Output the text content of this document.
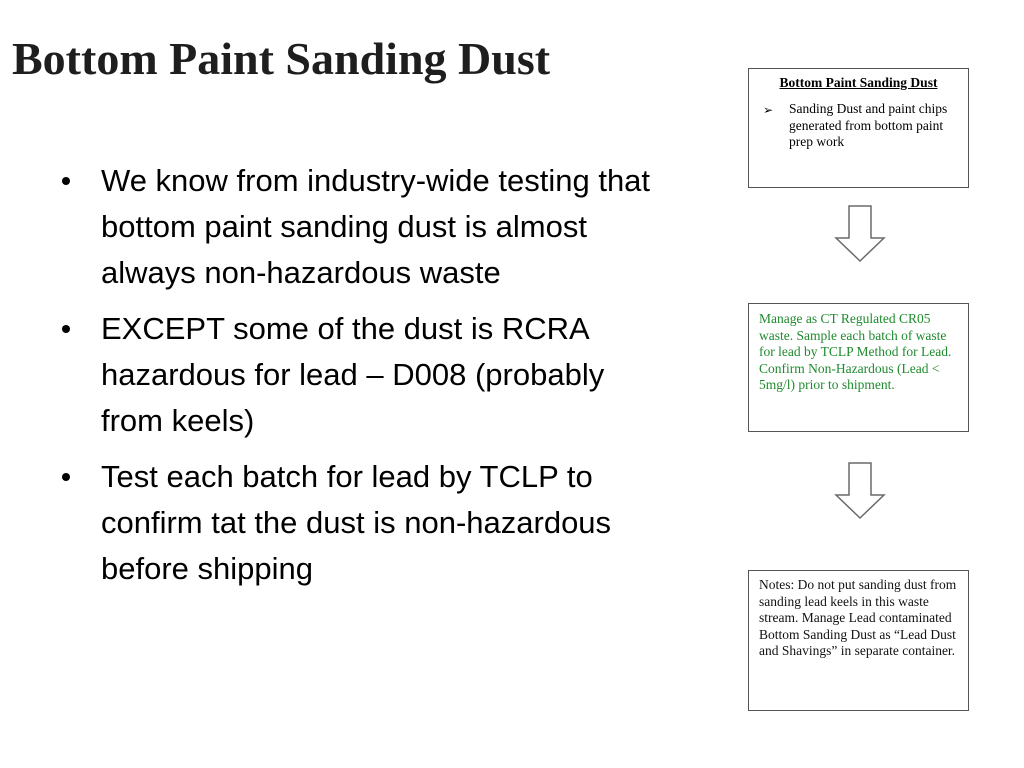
Bottom Paint Sanding Dust
We know from industry-wide testing that bottom paint sanding dust is almost always non-hazardous waste
EXCEPT some of the dust is RCRA hazardous for lead – D008 (probably from keels)
Test each batch for lead by TCLP to confirm tat the dust is non-hazardous before shipping
Bottom Paint Sanding Dust
➢ Sanding Dust and paint chips generated from bottom paint prep work
Manage as CT Regulated CR05 waste. Sample each batch of waste for lead by TCLP Method for Lead. Confirm Non-Hazardous (Lead < 5mg/l) prior to shipment.
Notes: Do not put sanding dust from sanding lead keels in this waste stream. Manage Lead contaminated Bottom Sanding Dust as “Lead Dust and Shavings” in separate container.
